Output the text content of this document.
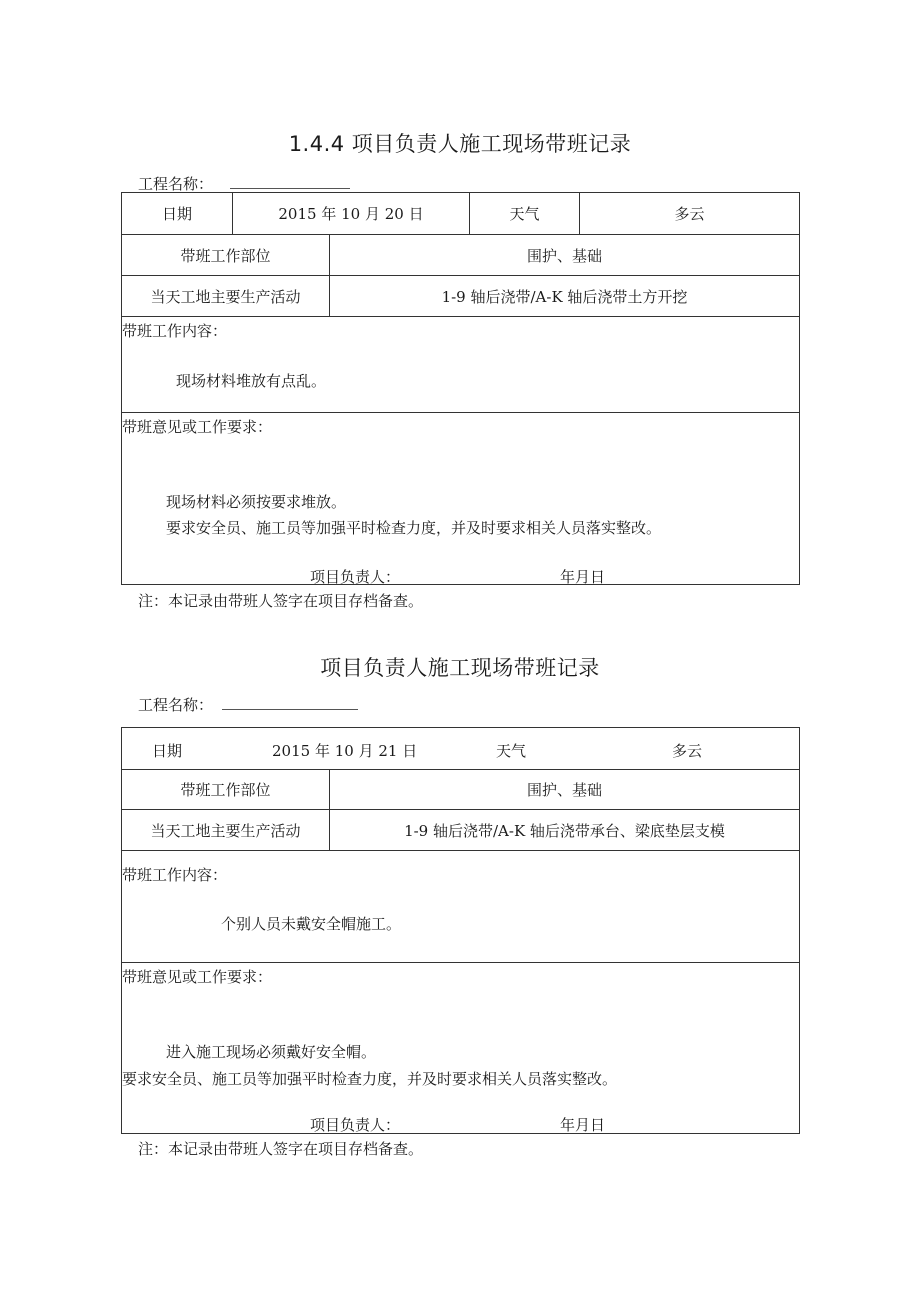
1.4.4 项目负责人施工现场带班记录
工程名称：
日期	2015 年 10 月 20 日	天气	多云
带班工作部位	围护、基础
当天工地主要生产活动	1-9 轴后浇带/A-K 轴后浇带土方开挖
带班工作内容：
现场材料堆放有点乱。
带班意见或工作要求：
现场材料必须按要求堆放。
要求安全员、施工员等加强平时检查力度，并及时要求相关人员落实整改。
项目负责人：	年月日
注：本记录由带班人签字在项目存档备查。
项目负责人施工现场带班记录
工程名称：
日期	2015 年 10 月 21 日	天气	多云
带班工作部位	围护、基础
当天工地主要生产活动	1-9 轴后浇带/A-K 轴后浇带承台、梁底垫层支模
带班工作内容：
个别人员未戴安全帽施工。
带班意见或工作要求：
进入施工现场必须戴好安全帽。
要求安全员、施工员等加强平时检查力度，并及时要求相关人员落实整改。
项目负责人：	年月日
注：本记录由带班人签字在项目存档备查。
